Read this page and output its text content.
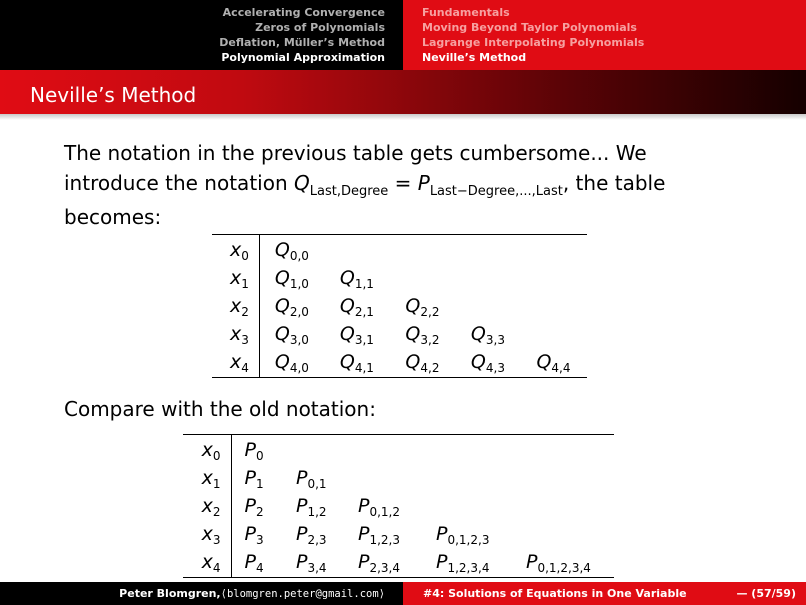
Accelerating Convergence
Zeros of Polynomials
Deflation, Müller’s Method
Polynomial Approximation
Fundamentals
Moving Beyond Taylor Polynomials
Lagrange Interpolating Polynomials
Neville’s Method
Neville’s Method
The notation in the previous table gets cumbersome... We
introduce the notation $Q_{Last,Degree} = P_{Last-Degree,...,Last}$, the table
becomes:
$x_0$	$Q_{0,0}$				
$x_1$	$Q_{1,0}$	$Q_{1,1}$			
$x_2$	$Q_{2,0}$	$Q_{2,1}$	$Q_{2,2}$		
$x_3$	$Q_{3,0}$	$Q_{3,1}$	$Q_{3,2}$	$Q_{3,3}$	
$x_4$	$Q_{4,0}$	$Q_{4,1}$	$Q_{4,2}$	$Q_{4,3}$	$Q_{4,4}$
Compare with the old notation:
$x_0$	$P_0$				
$x_1$	$P_1$	$P_{0,1}$			
$x_2$	$P_2$	$P_{1,2}$	$P_{0,1,2}$		
$x_3$	$P_3$	$P_{2,3}$	$P_{1,2,3}$	$P_{0,1,2,3}$	
$x_4$	$P_4$	$P_{3,4}$	$P_{2,3,4}$	$P_{1,2,3,4}$	$P_{0,1,2,3,4}$
Peter Blomgren, ⟨blomgren.peter@gmail.com⟩	#4: Solutions of Equations in One Variable	— (57/59)
